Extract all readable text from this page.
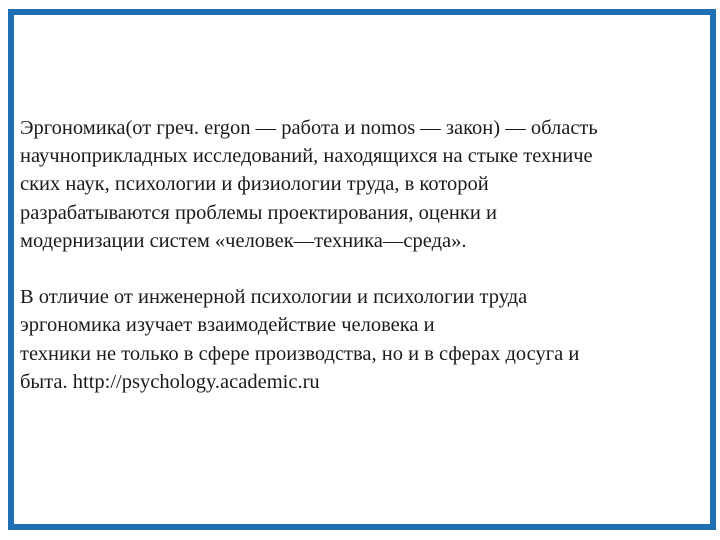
Эргономика(от греч. ergon — работа и nomos — закон) — область
научноприкладных исследований, находящихся на стыке техниче
ских наук, психологии и физиологии труда, в которой
разрабатываются проблемы проектирования, оценки и
модернизации систем «человек—техника—среда».
В отличие от инженерной психологии и психологии труда
эргономика изучает взаимодействие человека и
техники не только в сфере производства, но и в сферах досуга и
быта. http://psychology.academic.ru
